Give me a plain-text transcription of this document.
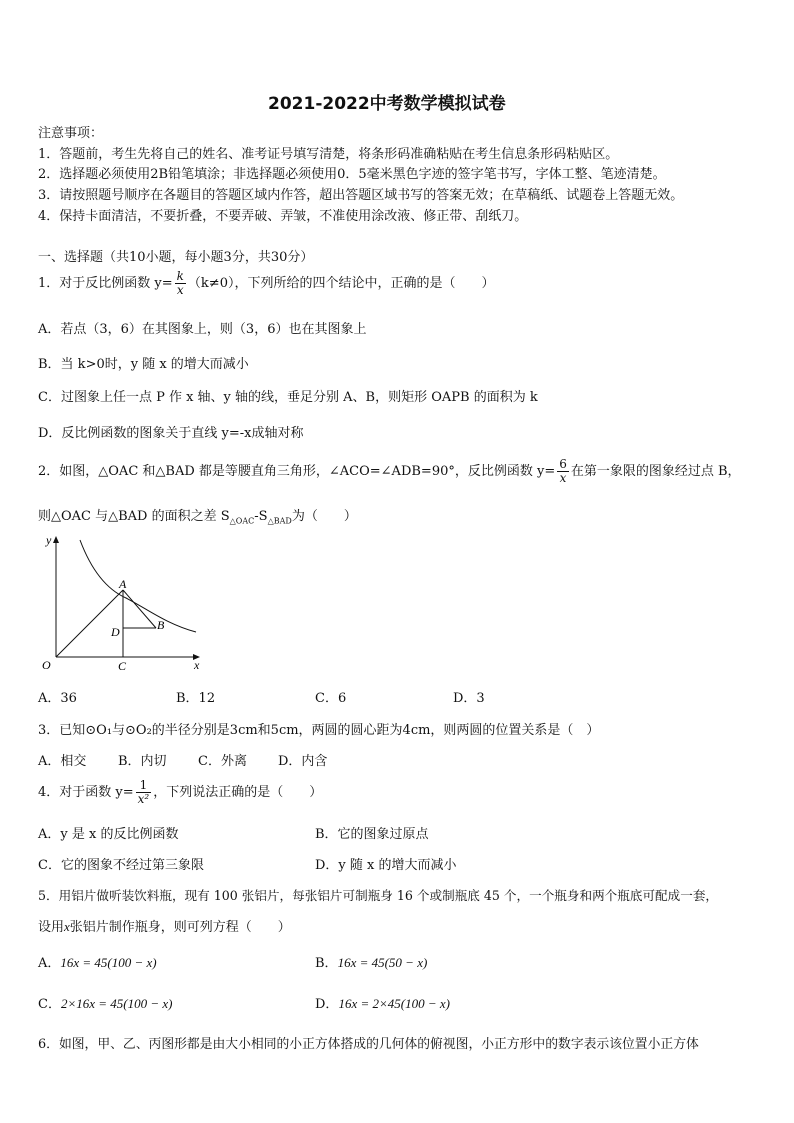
2021-2022中考数学模拟试卷
注意事项：
1．答题前，考生先将自己的姓名、准考证号填写清楚，将条形码准确粘贴在考生信息条形码粘贴区。
2．选择题必须使用2B铅笔填涂；非选择题必须使用0．5毫米黑色字迹的签字笔书写，字体工整、笔迹清楚。
3．请按照题号顺序在各题目的答题区域内作答，超出答题区域书写的答案无效；在草稿纸、试题卷上答题无效。
4．保持卡面清洁，不要折叠，不要弄破、弄皱，不准使用涂改液、修正带、刮纸刀。
一、选择题（共10小题，每小题3分，共30分）
1．对于反比例函数 $y= \frac{k}{x} (k\ne 0)$，下列所给的四个结论中，正确的是（　　）
A．若点（3，6）在其图象上，则（3，6）也在其图象上
B．当 k>0时，y 随 x 的增大而减小
C．过图象上任一点 P 作 x 轴、y 轴的线，垂足分别 A、B，则矩形 OAPB 的面积为 k
D．反比例函数的图象关于直线 y=-x成轴对称
2．如图，△OAC 和△BAD 都是等腰直角三角形，∠ACO=∠ADB=90°，反比例函数 $y= \frac{6}{x}$ 在第一象限的图象经过点 B，
则△OAC 与△BAD 的面积之差 $S_{\triangle OAC}-S_{\triangle BAD}$为（　　）
y
x
O
A
B
C
D
A．36	B．12	C．6	D．3
3．已知⊙O₁与⊙O₂的半径分别是3cm和5cm，两圆的圆心距为4cm，则两圆的位置关系是（　）
A．相交 B．内切 C．外离 D．内含
4．对于函数 $y= \frac{1}{\text{x²}}$ ，下列说法正确的是（　　）
A．y 是 x 的反比例函数	B．它的图象过原点
C．它的图象不经过第三象限	D．y 随 x 的增大而减小
5．用铝片做听装饮料瓶，现有 100 张铝片，每张铝片可制瓶身 16 个或制瓶底 45 个，一个瓶身和两个瓶底可配成一套，
设用x张铝片制作瓶身，则可列方程（　　）
A．16x = 45(100 − x)	B．16x = 45(50 − x)
C．2×16x = 45(100 − x)	D．16x = 2×45(100 − x)
6．如图，甲、乙、丙图形都是由大小相同的小正方体搭成的几何体的俯视图，小正方形中的数字表示该位置小正方体
